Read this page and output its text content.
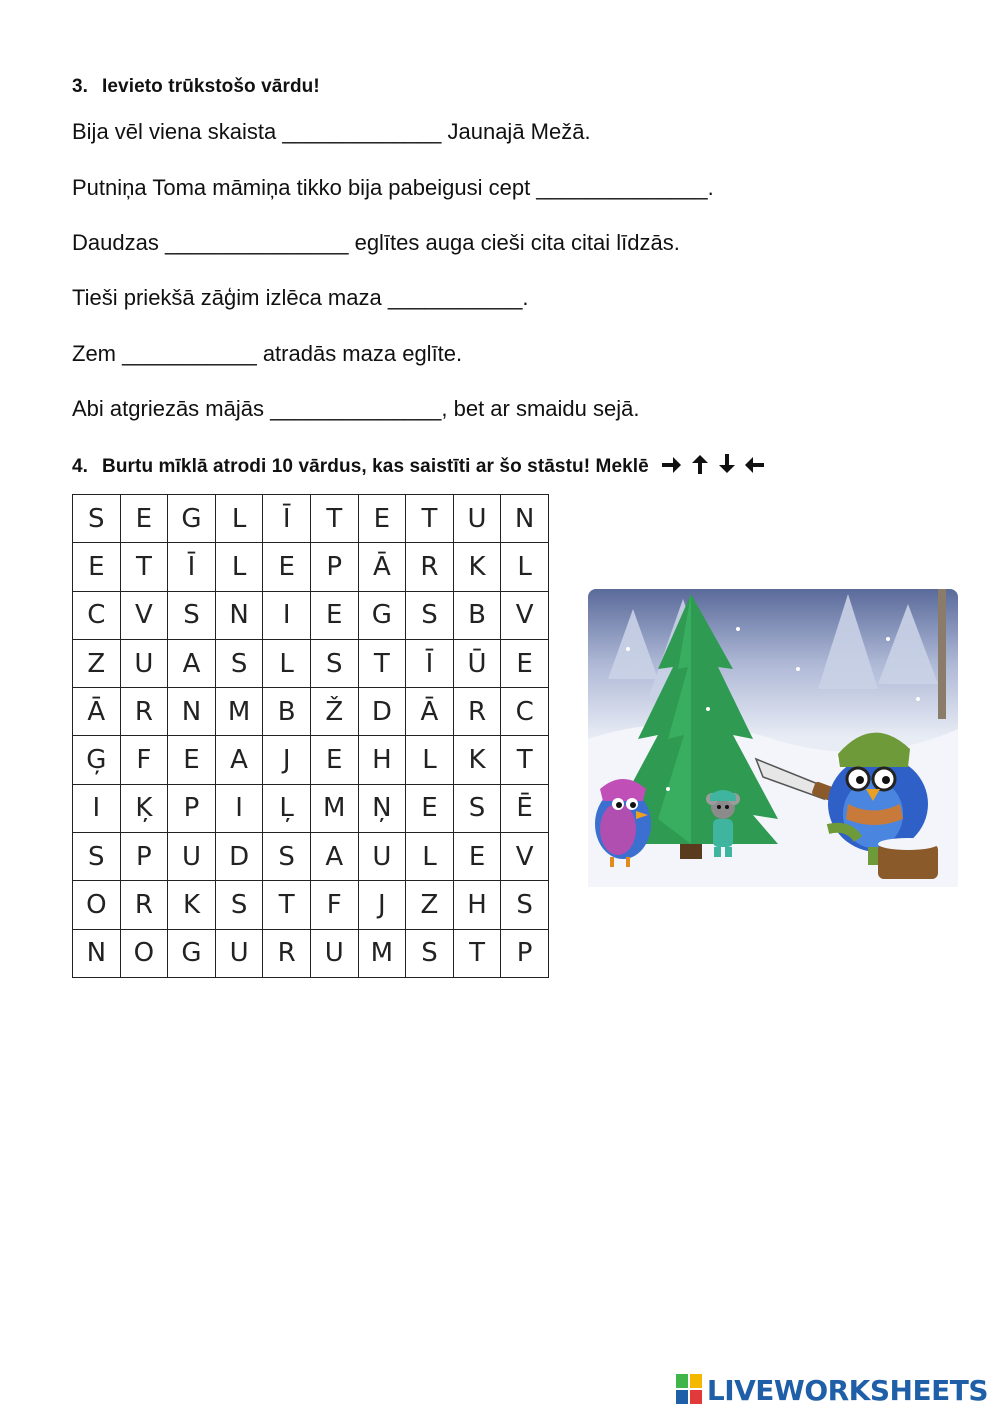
3. Ievieto trūkstošo vārdu!
Bija vēl viena skaista _____________ Jaunajā Mežā.
Putniņa Toma māmiņa tikko bija pabeigusi cept ______________.
Daudzas _______________ eglītes auga cieši cita citai līdzās.
Tieši priekšā zāģim izlēca maza ___________.
Zem ___________ atradās maza eglīte.
Abi atgriezās mājās ______________, bet ar smaidu sejā.
4. Burtu mīklā atrodi 10 vārdus, kas saistīti ar šo stāstu! Meklē
S	E	G	L	Ī	T	E	T	U	N
E	T	Ī	L	E	P	Ā	R	K	L
C	V	S	N	I	E	G	S	B	V
Z	U	A	S	L	S	T	Ī	Ū	E
Ā	R	N	M	B	Ž	D	Ā	R	C
Ģ	F	E	A	J	E	H	L	K	T
I	Ķ	P	I	Ļ	M	Ņ	E	S	Ē
S	P	U	D	S	A	U	L	E	V
O	R	K	S	T	F	J	Z	H	S
N	O	G	U	R	U	M	S	T	P
LIVEWORKSHEETS
